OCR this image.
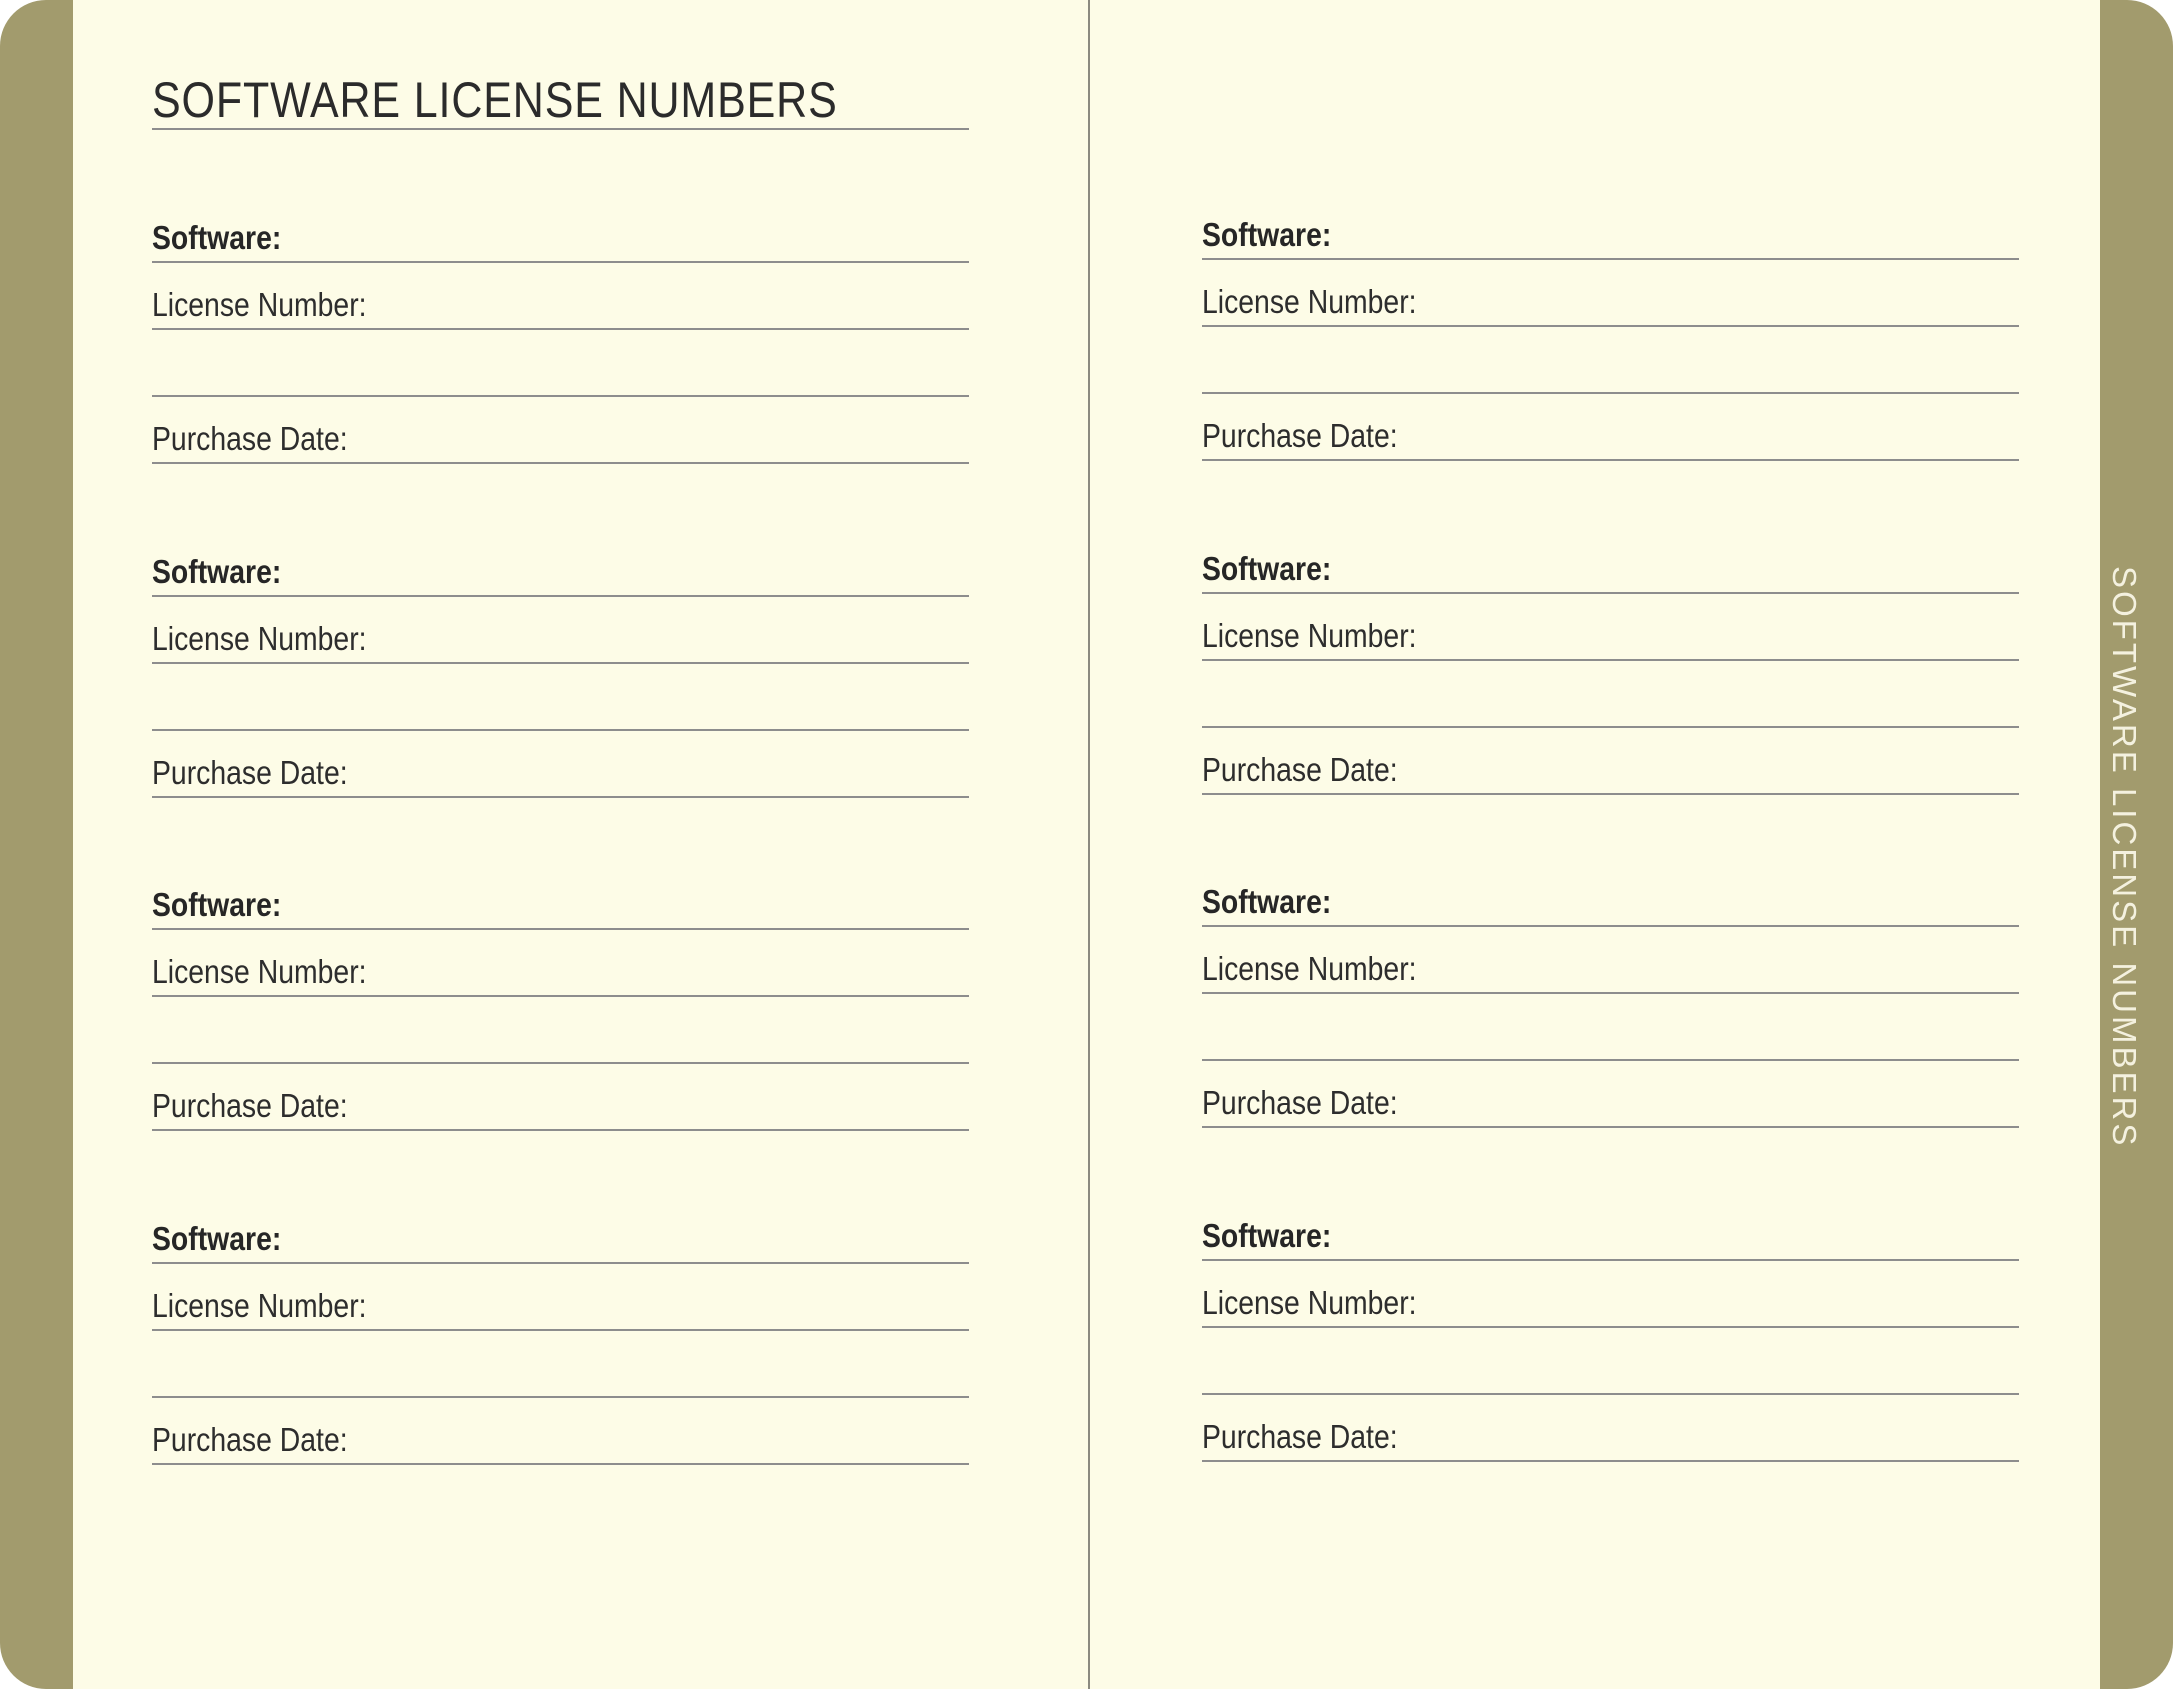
SOFTWARE LICENSE NUMBERS
Software:
License Number:
Purchase Date:
Software:
License Number:
Purchase Date:
Software:
License Number:
Purchase Date:
Software:
License Number:
Purchase Date:
Software:
License Number:
Purchase Date:
Software:
License Number:
Purchase Date:
Software:
License Number:
Purchase Date:
Software:
License Number:
Purchase Date:
SOFTWARE LICENSE NUMBERS
